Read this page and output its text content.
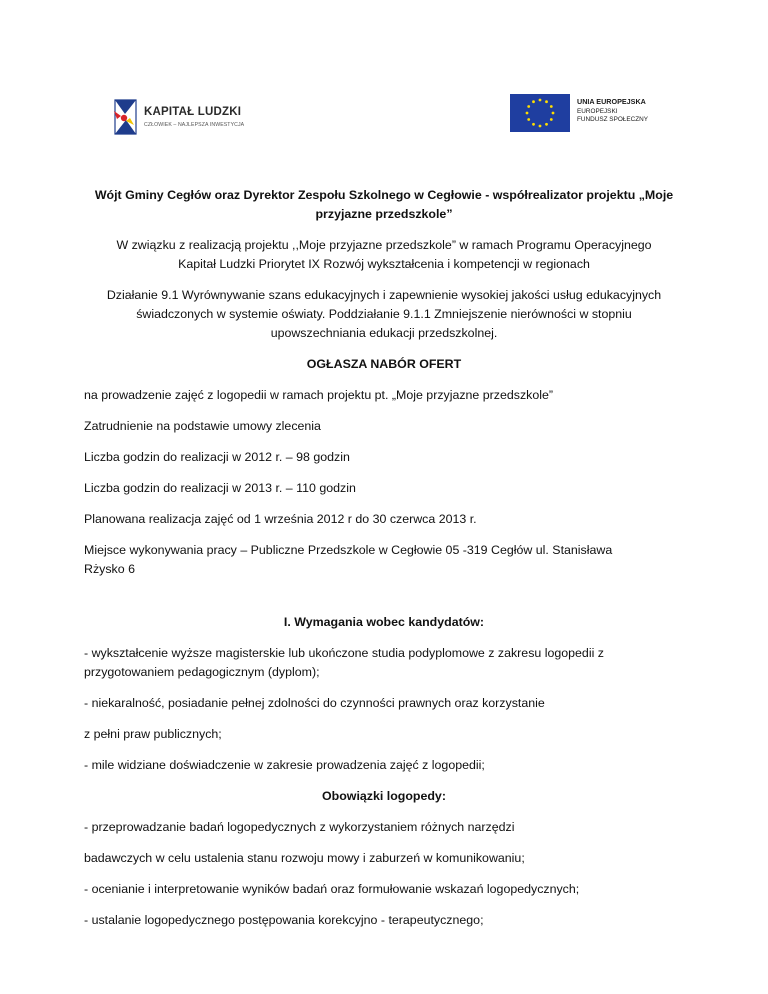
KAPITAŁ LUDZKI
CZŁOWIEK – NAJLEPSZA INWESTYCJA
UNIA EUROPEJSKA
EUROPEJSKI
FUNDUSZ SPOŁECZNY
Wójt Gminy Cegłów oraz Dyrektor Zespołu Szkolnego w Cegłowie - współrealizator projektu „Moje
przyjazne przedszkole”
W związku z realizacją projektu ,,Moje przyjazne przedszkole” w ramach Programu Operacyjnego
Kapitał Ludzki Priorytet IX Rozwój wykształcenia i kompetencji w regionach
Działanie 9.1 Wyrównywanie szans edukacyjnych i zapewnienie wysokiej jakości usług edukacyjnych
świadczonych w systemie oświaty. Poddziałanie 9.1.1 Zmniejszenie nierówności w stopniu
upowszechniania edukacji przedszkolnej.
OGŁASZA NABÓR OFERT
na prowadzenie zajęć z logopedii w ramach projektu pt. „Moje przyjazne przedszkole”
Zatrudnienie na podstawie umowy zlecenia
Liczba godzin do realizacji w 2012 r. – 98 godzin
Liczba godzin do realizacji w 2013 r. – 110 godzin
Planowana realizacja zajęć od 1 września 2012 r do 30 czerwca 2013 r.
Miejsce wykonywania pracy – Publiczne Przedszkole w Cegłowie 05 -319 Cegłów ul. Stanisława
Rżysko 6
I. Wymagania wobec kandydatów:
- wykształcenie wyższe magisterskie lub ukończone studia podyplomowe z zakresu logopedii z
przygotowaniem pedagogicznym (dyplom);
- niekaralność, posiadanie pełnej zdolności do czynności prawnych oraz korzystanie
z pełni praw publicznych;
- mile widziane doświadczenie w zakresie prowadzenia zajęć z logopedii;
Obowiązki logopedy:
- przeprowadzanie badań logopedycznych z wykorzystaniem różnych narzędzi
badawczych w celu ustalenia stanu rozwoju mowy i zaburzeń w komunikowaniu;
- ocenianie i interpretowanie wyników badań oraz formułowanie wskazań logopedycznych;
- ustalanie logopedycznego postępowania korekcyjno - terapeutycznego;
